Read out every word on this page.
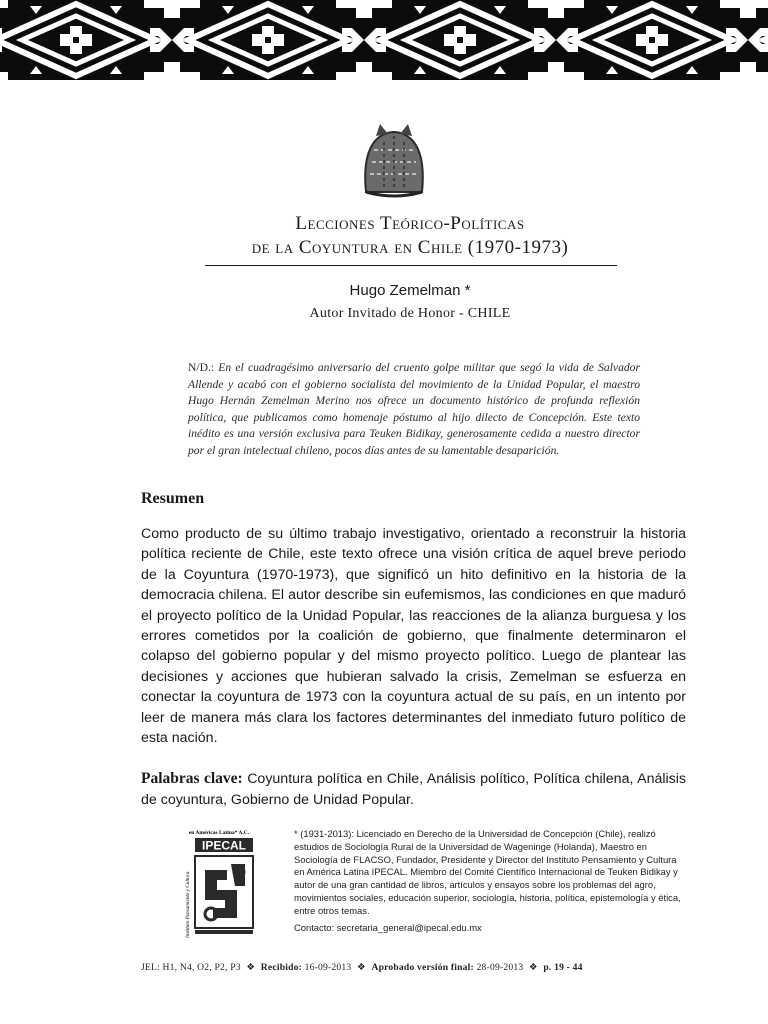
Lecciones Teórico-Políticas
de la Coyuntura en Chile (1970-1973)
Hugo Zemelman *
Autor Invitado de Honor - CHILE
N/D.: En el cuadragésimo aniversario del cruento golpe militar que segó la vida de Salvador Allende y acabó con el gobierno socialista del movimiento de la Unidad Popular, el maestro Hugo Hernán Zemelman Merino nos ofrece un documento histórico de profunda reflexión política, que publicamos como homenaje póstumo al hijo dilecto de Concepción. Este texto inédito es una versión exclusiva para Teuken Bidikay, generosamente cedida a nuestro director por el gran intelectual chileno, pocos días antes de su lamentable desaparición.
Resumen
Como producto de su último trabajo investigativo, orientado a reconstruir la historia política reciente de Chile, este texto ofrece una visión crítica de aquel breve periodo de la Coyuntura (1970-1973), que significó un hito definitivo en la historia de la democracia chilena. El autor describe sin eufemismos, las condiciones en que maduró el proyecto político de la Unidad Popular, las reacciones de la alianza burguesa y los errores cometidos por la coalición de gobierno, que finalmente determinaron el colapso del gobierno popular y del mismo proyecto político. Luego de plantear las decisiones y acciones que hubieran salvado la crisis, Zemelman se esfuerza en conectar la coyuntura de 1973 con la coyuntura actual de su país, en un intento por leer de manera más clara los factores determinantes del inmediato futuro político de esta nación.
Palabras clave: Coyuntura política en Chile, Análisis político, Política chilena, Análisis de coyuntura, Gobierno de Unidad Popular.
en Américas Latina* A.C.
IPECAL
Instituto Pensamiento y Cultura
* (1931-2013): Licenciado en Derecho de la Universidad de Concepción (Chile), realizó estudios de Sociología Rural de la Universidad de Wageninge (Holanda), Maestro en Sociología de FLACSO, Fundador, Presidente y Director del Instituto Pensamiento y Cultura en América Latina IPECAL. Miembro del Comité Científico Internacional de Teuken Bidikay y autor de una gran cantidad de libros, artículos y ensayos sobre los problemas del agro, movimientos sociales, educación superior, sociología, historia, política, epistemología y ética, entre otros temas.
Contacto: secretaria_general@ipecal.edu.mx
JEL: H1, N4, O2, P2, P3 ❖ Recibido: 16-09-2013 ❖ Aprobado versión final: 28-09-2013 ❖ p. 19 - 44
